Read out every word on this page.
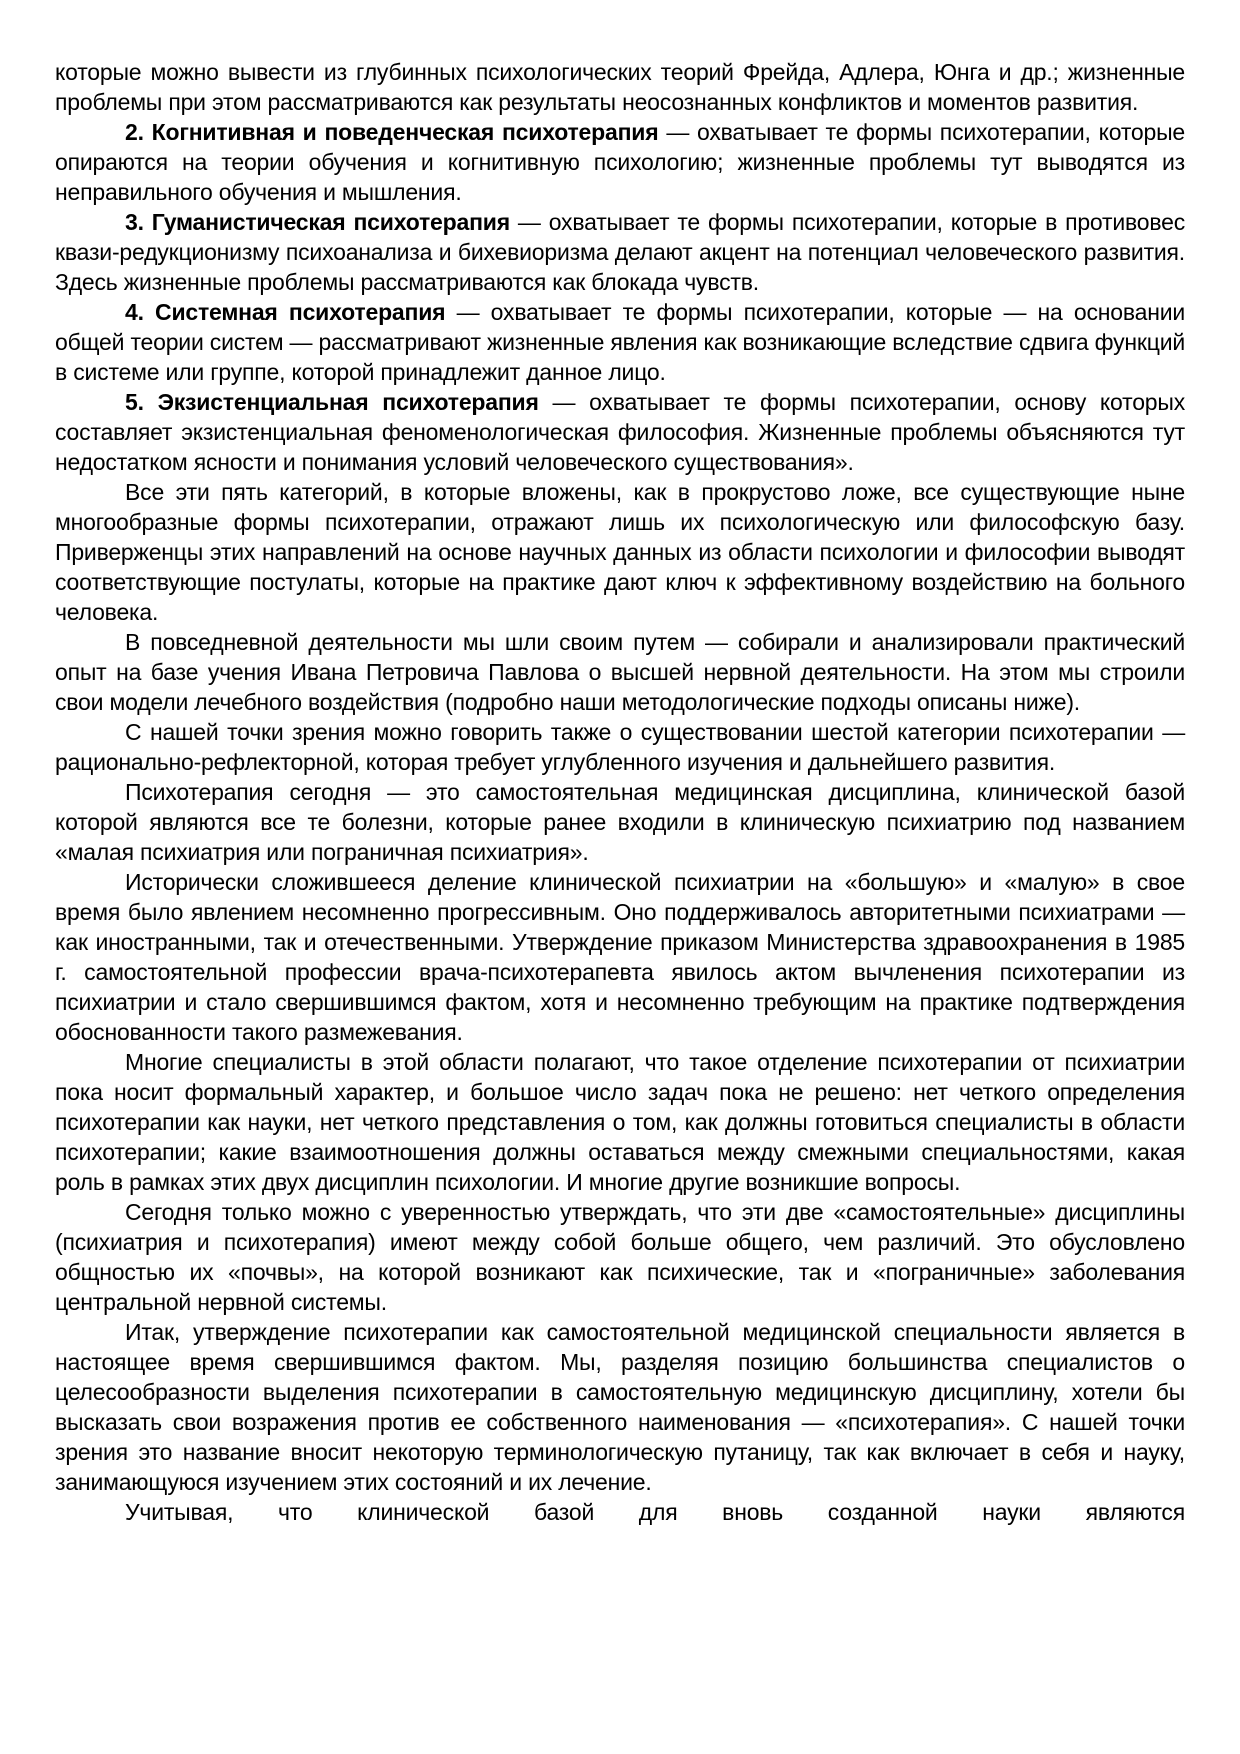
которые можно вывести из глубинных психологических теорий Фрейда, Адлера, Юнга и др.; жизненные проблемы при этом рассматриваются как результаты неосознанных конфликтов и моментов развития.

2. Когнитивная и поведенческая психотерапия — охватывает те формы психотерапии, которые опираются на теории обучения и когнитивную психологию; жизненные проблемы тут выводятся из неправильного обучения и мышления.

3. Гуманистическая психотерапия — охватывает те формы психотерапии, которые в противовес квази-редукционизму психоанализа и бихевиоризма делают акцент на потенциал человеческого развития. Здесь жизненные проблемы рассматриваются как блокада чувств.

4. Системная психотерапия — охватывает те формы психотерапии, которые — на основании общей теории систем — рассматривают жизненные явления как возникающие вследствие сдвига функций в системе или группе, которой принадлежит данное лицо.

5. Экзистенциальная психотерапия — охватывает те формы психотерапии, основу которых составляет экзистенциальная феноменологическая философия. Жизненные проблемы объясняются тут недостатком ясности и понимания условий человеческого существования».

Все эти пять категорий, в которые вложены, как в прокрустово ложе, все существующие ныне многообразные формы психотерапии, отражают лишь их психологическую или философскую базу. Приверженцы этих направлений на основе научных данных из области психологии и философии выводят соответствующие постулаты, которые на практике дают ключ к эффективному воздействию на больного человека.

В повседневной деятельности мы шли своим путем — собирали и анализировали практический опыт на базе учения Ивана Петровича Павлова о высшей нервной деятельности. На этом мы строили свои модели лечебного воздействия (подробно наши методологические подходы описаны ниже).

С нашей точки зрения можно говорить также о существовании шестой категории психотерапии — рационально-рефлекторной, которая требует углубленного изучения и дальнейшего развития.

Психотерапия сегодня — это самостоятельная медицинская дисциплина, клинической базой которой являются все те болезни, которые ранее входили в клиническую психиатрию под названием «малая психиатрия или пограничная психиатрия».

Исторически сложившееся деление клинической психиатрии на «большую» и «малую» в свое время было явлением несомненно прогрессивным. Оно поддерживалось авторитетными психиатрами — как иностранными, так и отечественными. Утверждение приказом Министерства здравоохранения в 1985 г. самостоятельной профессии врача-психотерапевта явилось актом вычленения психотерапии из психиатрии и стало свершившимся фактом, хотя и несомненно требующим на практике подтверждения обоснованности такого размежевания.

Многие специалисты в этой области полагают, что такое отделение психотерапии от психиатрии пока носит формальный характер, и большое число задач пока не решено: нет четкого определения психотерапии как науки, нет четкого представления о том, как должны готовиться специалисты в области психотерапии; какие взаимоотношения должны оставаться между смежными специальностями, какая роль в рамках этих двух дисциплин психологии. И многие другие возникшие вопросы.

Сегодня только можно с уверенностью утверждать, что эти две «самостоятельные» дисциплины (психиатрия и психотерапия) имеют между собой больше общего, чем различий. Это обусловлено общностью их «почвы», на которой возникают как психические, так и «пограничные» заболевания центральной нервной системы.

Итак, утверждение психотерапии как самостоятельной медицинской специальности является в настоящее время свершившимся фактом. Мы, разделяя позицию большинства специалистов о целесообразности выделения психотерапии в самостоятельную медицинскую дисциплину, хотели бы высказать свои возражения против ее собственного наименования — «психотерапия». С нашей точки зрения это название вносит некоторую терминологическую путаницу, так как включает в себя и науку, занимающуюся изучением этих состояний и их лечение.

Учитывая, что клинической базой для вновь созданной науки являются
